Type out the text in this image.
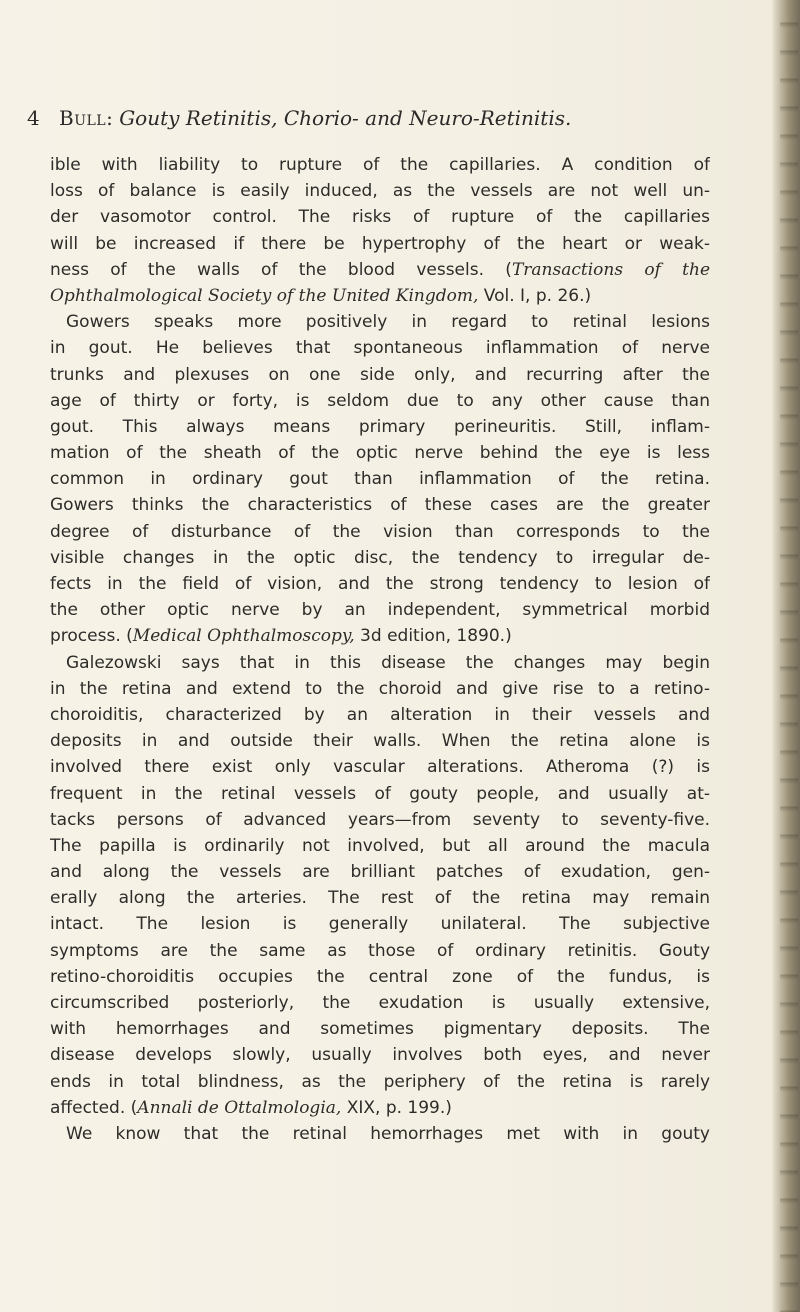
4 Bull: Gouty Retinitis, Chorio- and Neuro-Retinitis.
ible with liability to rupture of the capillaries. A condition of
loss of balance is easily induced, as the vessels are not well un-
der vasomotor control. The risks of rupture of the capillaries
will be increased if there be hypertrophy of the heart or weak-
ness of the walls of the blood vessels. (Transactions of the
Ophthalmological Society of the United Kingdom, Vol. I, p. 26.)
Gowers speaks more positively in regard to retinal lesions
in gout. He believes that spontaneous inflammation of nerve
trunks and plexuses on one side only, and recurring after the
age of thirty or forty, is seldom due to any other cause than
gout. This always means primary perineuritis. Still, inflam-
mation of the sheath of the optic nerve behind the eye is less
common in ordinary gout than inflammation of the retina.
Gowers thinks the characteristics of these cases are the greater
degree of disturbance of the vision than corresponds to the
visible changes in the optic disc, the tendency to irregular de-
fects in the field of vision, and the strong tendency to lesion of
the other optic nerve by an independent, symmetrical morbid
process. (Medical Ophthalmoscopy, 3d edition, 1890.)
Galezowski says that in this disease the changes may begin
in the retina and extend to the choroid and give rise to a retino-
choroiditis, characterized by an alteration in their vessels and
deposits in and outside their walls. When the retina alone is
involved there exist only vascular alterations. Atheroma (?) is
frequent in the retinal vessels of gouty people, and usually at-
tacks persons of advanced years—from seventy to seventy-five.
The papilla is ordinarily not involved, but all around the macula
and along the vessels are brilliant patches of exudation, gen-
erally along the arteries. The rest of the retina may remain
intact. The lesion is generally unilateral. The subjective
symptoms are the same as those of ordinary retinitis. Gouty
retino-choroiditis occupies the central zone of the fundus, is
circumscribed posteriorly, the exudation is usually extensive,
with hemorrhages and sometimes pigmentary deposits. The
disease develops slowly, usually involves both eyes, and never
ends in total blindness, as the periphery of the retina is rarely
affected. (Annali de Ottalmologia, XIX, p. 199.)
We know that the retinal hemorrhages met with in gouty
